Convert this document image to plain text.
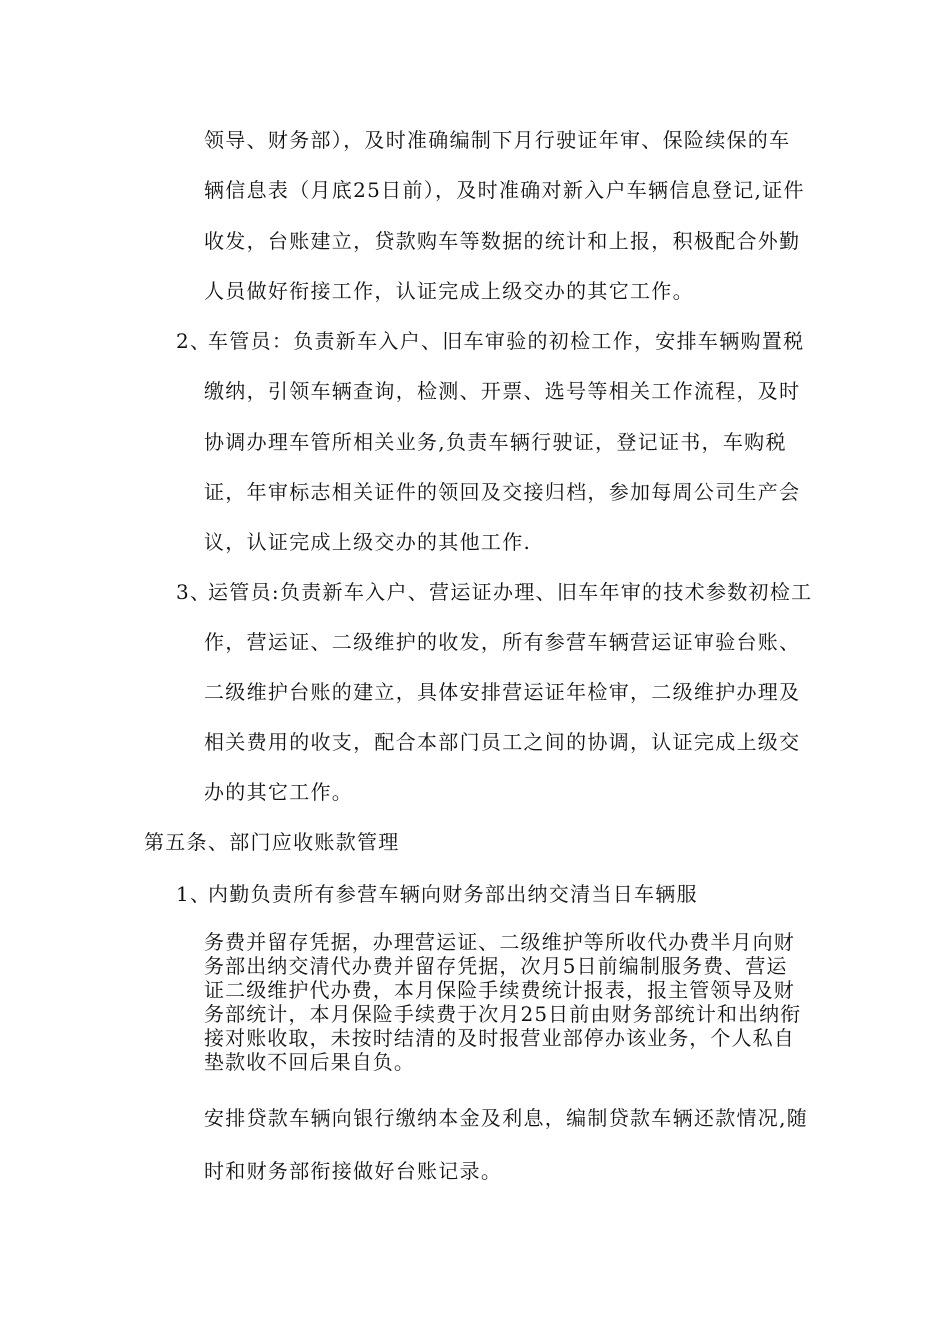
领导、财务部），及时准确编制下月行驶证年审、保险续保的车
辆信息表（月底25日前），及时准确对新入户车辆信息登记,证件
收发，台账建立，贷款购车等数据的统计和上报，积极配合外勤
人员做好衔接工作，认证完成上级交办的其它工作。
2、
车管员：负责新车入户、旧车审验的初检工作，安排车辆购置税
缴纳，引领车辆查询，检测、开票、选号等相关工作流程，及时
协调办理车管所相关业务,负责车辆行驶证，登记证书，车购税
证，年审标志相关证件的领回及交接归档，参加每周公司生产会
议，认证完成上级交办的其他工作.
3、
运管员:负责新车入户、营运证办理、旧车年审的技术参数初检工
作，营运证、二级维护的收发，所有参营车辆营运证审验台账、
二级维护台账的建立，具体安排营运证年检审，二级维护办理及
相关费用的收支，配合本部门员工之间的协调，认证完成上级交
办的其它工作。
第五条、部门应收账款管理
1、
内勤负责所有参营车辆向财务部出纳交清当日车辆服
务费并留存凭据，办理营运证、二级维护等所收代办费半月向财
务部出纳交清代办费并留存凭据，次月5日前编制服务费、营运
证二级维护代办费，本月保险手续费统计报表，报主管领导及财
务部统计，本月保险手续费于次月25日前由财务部统计和出纳衔
接对账收取，未按时结清的及时报营业部停办该业务，个人私自
垫款收不回后果自负。
安排贷款车辆向银行缴纳本金及利息，编制贷款车辆还款情况,随
时和财务部衔接做好台账记录。
